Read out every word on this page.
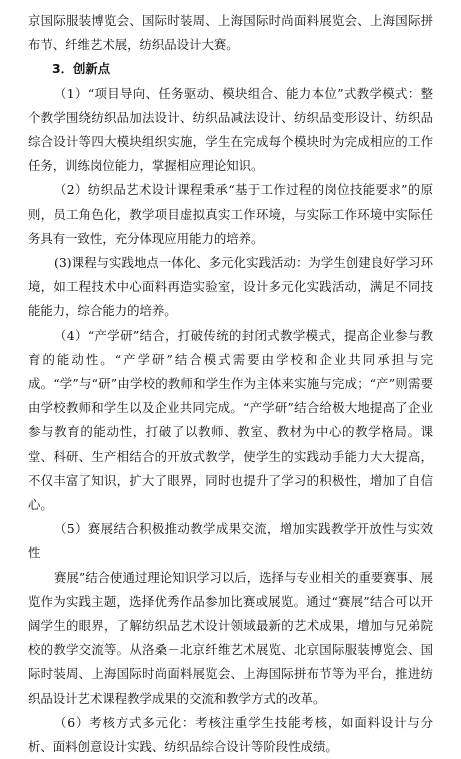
京国际服装博览会、国际时装周、上海国际时尚面料展览会、上海国际拼布节、纤维艺术展，纺织品设计大赛。

3．创新点

（1）“项目导向、任务驱动、模块组合、能力本位”式教学模式：整个教学围绕纺织品加法设计、纺织品减法设计、纺织品变形设计、纺织品综合设计等四大模块组织实施，学生在完成每个模块时为完成相应的工作任务，训练岗位能力，掌握相应理论知识。

（2）纺织品艺术设计课程秉承“基于工作过程的岗位技能要求”的原则，员工角色化，教学项目虚拟真实工作环境，与实际工作环境中实际任务具有一致性，充分体现应用能力的培养。

(3)课程与实践地点一体化、多元化实践活动：为学生创建良好学习环境，如工程技术中心面料再造实验室，设计多元化实践活动，满足不同技能能力，综合能力的培养。

（4）“产学研”结合，打破传统的封闭式教学模式，提高企业参与教育的能动性。“产学研”结合模式需要由学校和企业共同承担与完成。“学”与“研”由学校的教师和学生作为主体来实施与完成；“产”则需要由学校教师和学生以及企业共同完成。“产学研”结合给极大地提高了企业参与教育的能动性，打破了以教师、教室、教材为中心的教学格局。课堂、科研、生产相结合的开放式教学，使学生的实践动手能力大大提高，不仅丰富了知识，扩大了眼界，同时也提升了学习的积极性，增加了自信心。

（5）赛展结合积极推动教学成果交流，增加实践教学开放性与实效性

赛展”结合使通过理论知识学习以后，选择与专业相关的重要赛事、展览作为实践主题，选择优秀作品参加比赛或展览。通过“赛展”结合可以开阔学生的眼界，了解纺织品艺术设计领域最新的艺术成果，增加与兄弟院校的教学交流等。从洛桑－北京纤维艺术展览、北京国际服装博览会、国际时装周、上海国际时尚面料展览会、上海国际拼布节等为平台，推进纺织品设计艺术课程教学成果的交流和教学方式的改革。

（6）考核方式多元化：考核注重学生技能考核，如面料设计与分析、面料创意设计实践、纺织品综合设计等阶段性成绩。
